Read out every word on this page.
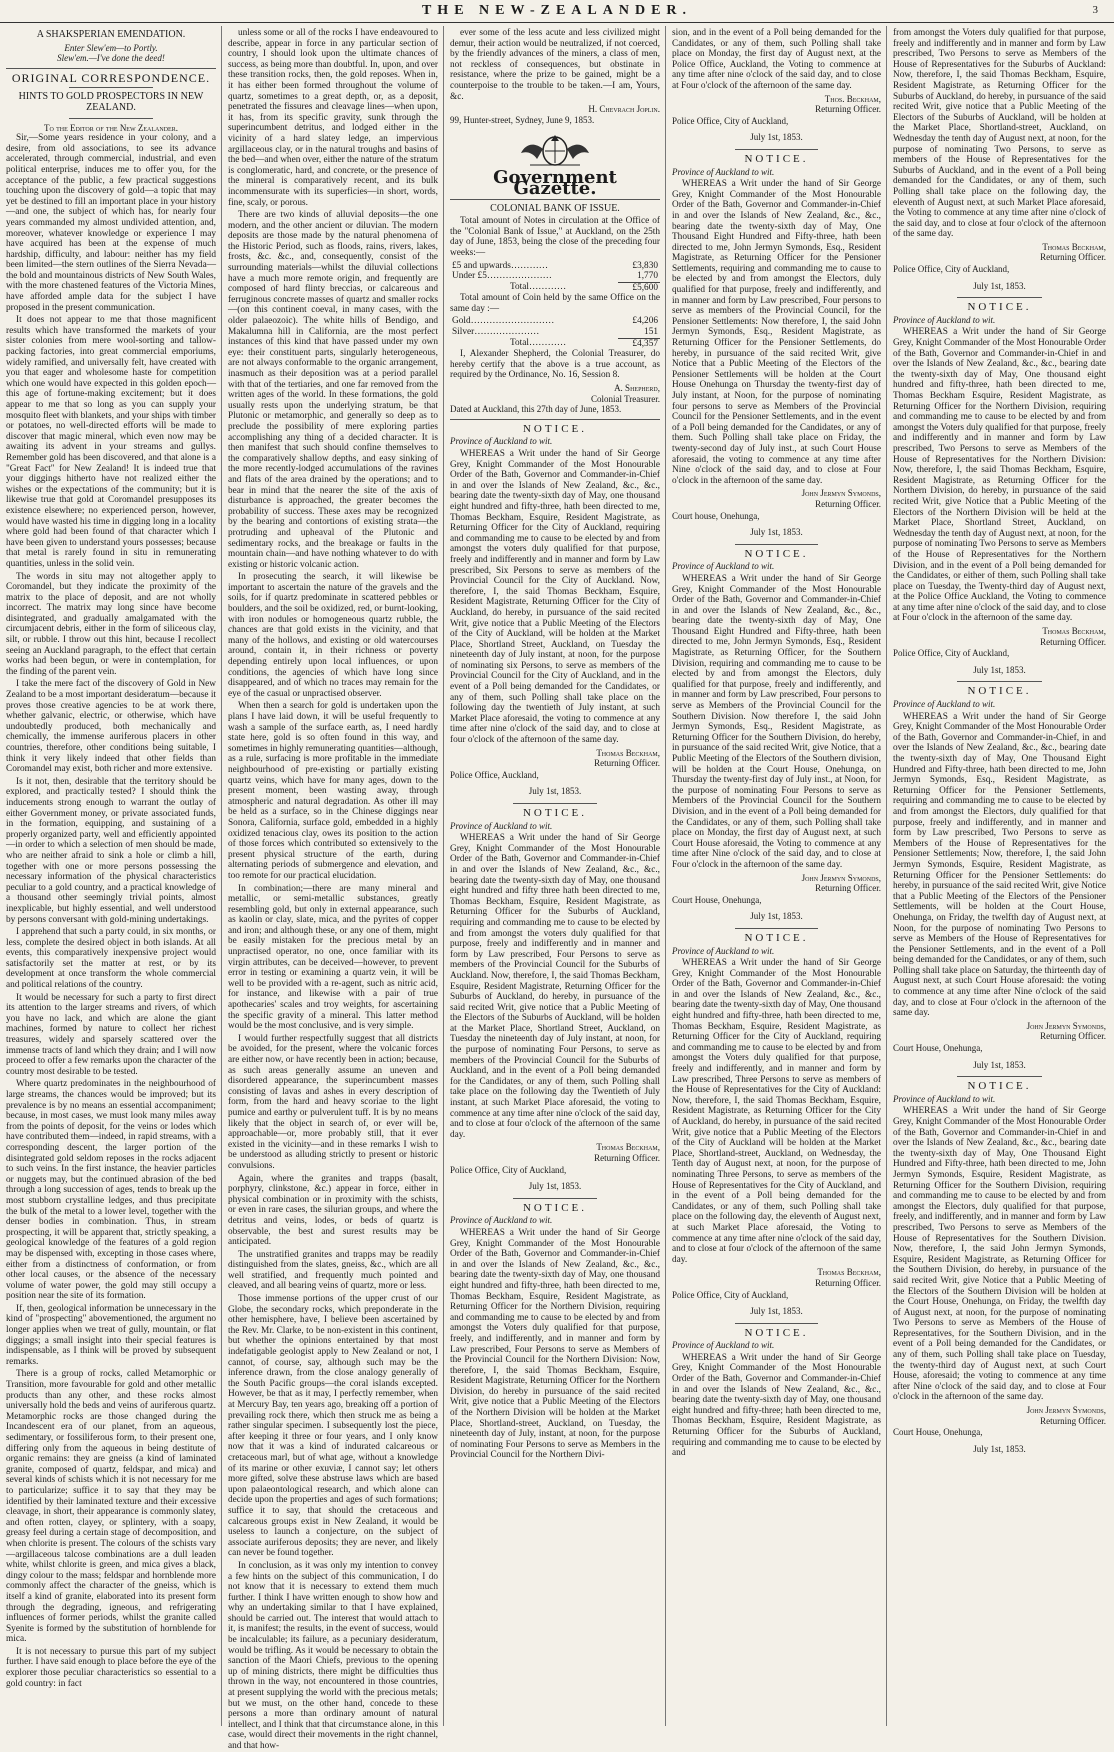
THE NEW-ZEALANDER.	3
A SHAKSPERIAN EMENDATION.
Enter Slew'em—to Portly.
Slew'em.—I've done the deed!
ORIGINAL CORRESPONDENCE.
HINTS TO GOLD PROSPECTORS IN NEW ZEALAND.
To the Editor of the New Zealander.

Sir,—Some years residence in your colony, and a desire, from old associations, to see its advance accelerated, through commercial, industrial, and even political enterprise, induces me to offer you, for the acceptance of the public, a few practical suggestions touching upon the discovery of gold—a topic that may yet be destined to fill an important place in your history—and one, the subject of which has, for nearly four years commanded my almost undivided attention, and, moreover, whatever knowledge or experience I may have acquired has been at the expense of much hardship, difficulty, and labour: neither has my field been limited—the stern outlines of the Sierra Nevada—the bold and mountainous districts of New South Wales, with the more chastened features of the Victoria Mines, have afforded ample data for the subject I have proposed in the present communication.

It does not appear to me that those magnificent results which have transformed the markets of your sister colonies from mere wool-sorting and tallow-packing factories, into great commercial emporiums, widely ramified, and universally felt, have created with you that eager and wholesome haste for competition which one would have expected in this golden epoch—this age of fortune-making excitement; but it does appear to me that so long as you can supply your mosquito fleet with blankets, and your ships with timber or potatoes, no well-directed efforts will be made to discover that magic mineral, which even now may be awaiting its advent in your streams and gullys. Remember gold has been discovered, and that alone is a "Great Fact" for New Zealand! It is indeed true that your diggings hitherto have not realized either the wishes or the expectations of the community; but it is likewise true that gold at Coromandel presupposes its existence elsewhere; no experienced person, however, would have wasted his time in digging long in a locality where gold had been found of that character which I have been given to understand yours possesses; because that metal is rarely found in situ in remunerating quantities, unless in the solid vein.

The words in situ may not altogether apply to Coromandel, but they indicate the proximity of the matrix to the place of deposit, and are not wholly incorrect. The matrix may long since have become disintegrated, and gradually amalgamated with the circumjacent debris, either in the form of siliceous clay, silt, or rubble. I throw out this hint, because I recollect seeing an Auckland paragraph, to the effect that certain works had been begun, or were in contemplation, for the finding of the parent vein.

I take the mere fact of the discovery of Gold in New Zealand to be a most important desideratum—because it proves those creative agencies to be at work there, whether galvanic, electric, or otherwise, which have undoubtedly produced, both mechanically and chemically, the immense auriferous placers in other countries, therefore, other conditions being suitable, I think it very likely indeed that other fields than Coromandel may exist, both richer and more extensive.

Is it not, then, desirable that the territory should be explored, and practically tested? I should think the inducements strong enough to warrant the outlay of either Government money, or private associated funds, in the formation, equipping, and sustaining of a properly organized party, well and efficiently appointed—in order to which a selection of men should be made, who are neither afraid to sink a hole or climb a hill, together with one or more persons possessing the necessary information of the physical characteristics peculiar to a gold country, and a practical knowledge of a thousand other seemingly trivial points, almost inexplicable, but highly essential, and well understood by persons conversant with gold-mining undertakings.

I apprehend that such a party could, in six months, or less, complete the desired object in both islands. At all events, this comparatively inexpensive project would satisfactorily set the matter at rest, or by its development at once transform the whole commercial and political relations of the country.

It would be necessary for such a party to first direct its attention to the larger streams and rivers, of which you have no lack, and which are alone the giant machines, formed by nature to collect her richest treasures, widely and sparsely scattered over the immense tracts of land which they drain; and I will now proceed to offer a few remarks upon the character of the country most desirable to be tested.

Where quartz predominates in the neighbourhood of large streams, the chances would be improved; but its prevalence is by no means an essential accompaniment; because, in most cases, we must look many miles away from the points of deposit, for the veins or lodes which have contributed them—indeed, in rapid streams, with a corresponding descent, the larger portion of the disintegrated gold seldom reposes in the rocks adjacent to such veins. In the first instance, the heavier particles or nuggets may, but the continued abrasion of the bed through a long succession of ages, tends to break up the most stubborn crystalline ledges, and thus precipitate the bulk of the metal to a lower level, together with the denser bodies in combination. Thus, in stream prospecting, it will be apparent that, strictly speaking, a geological knowledge of the features of a gold region may be dispensed with, excepting in those cases where, either from a distinctness of conformation, or from other local causes, or the absence of the necessary volume of water power, the gold may still occupy a position near the site of its formation.

If, then, geological information be unnecessary in the kind of "prospecting" abovementioned, the argument no longer applies when we treat of gully, mountain, or flat diggings; a small insight into their special features is indispensable, as I think will be proved by subsequent remarks.

There is a group of rocks, called Metamorphic or Transition, more favourable for gold and other metallic products than any other, and these rocks almost universally hold the beds and veins of auriferous quartz. Metamorphic rocks are those changed during the Incandescent era of our planet, from an aqueous, sedimentary, or fossiliferous form, to their present one, differing only from the aqueous in being destitute of organic remains: they are gneiss (a kind of laminated granite, composed of quartz, feldspar, and mica) and several kinds of schists which it is not necessary for me to particularize; suffice it to say that they may be identified by their laminated texture and their excessive cleavage, in short, their appearance is commonly slatey, and often rotten, clayey, or splintery, with a soapy, greasy feel during a certain stage of decomposition, and when chlorite is present. The colours of the schists vary—argillaceous talcose combinations are a dull leaden white, whilst chlorite is green, and mica gives a black, dingy colour to the mass; feldspar and hornblende more commonly affect the character of the gneiss, which is itself a kind of granite, elaborated into its present form through the degrading, igneous, and refrigerating influences of former periods, whilst the granite called Syenite is formed by the substitution of hornblende for mica.

It is not necessary to pursue this part of my subject further. I have said enough to place before the eye of the explorer those peculiar characteristics so essential to a gold country: in fact

unless some or all of the rocks I have endeavoured to describe, appear in force in any particular section of country, I should look upon the ultimate chances of success, as being more than doubtful. In, upon, and over these transition rocks, then, the gold reposes. When in, it has either been formed throughout the volume of quartz, sometimes to a great depth, or, as a deposit, penetrated the fissures and cleavage lines—when upon, it has, from its specific gravity, sunk through the superincumbent detritus, and lodged either in the vicinity of a hard slatey ledge, an impervious argillaceous clay, or in the natural troughs and basins of the bed—and when over, either the nature of the stratum is conglomeratic, hard, and concrete, or the presence of the mineral is comparatively recent, and its bulk incommensurate with its superficies—in short, words, fine, scaly, or porous.

There are two kinds of alluvial deposits—the one modern, and the other ancient or diluvian. The modern deposits are those made by the natural phenomena of the Historic Period, such as floods, rains, rivers, lakes, frosts, &c. &c., and, consequently, consist of the surrounding materials—whilst the diluvial collections have a much more remote origin, and frequently are composed of hard flinty breccias, or calcareous and ferruginous concrete masses of quartz and smaller rocks—(on this continent coeval, in many cases, with the older palaeozoic). The white hills of Bendigo, and Makalumna hill in California, are the most perfect instances of this kind that have passed under my own eye: their constituent parts, singularly heterogeneous, are not always conformable to the organic arrangement, inasmuch as their deposition was at a period parallel with that of the tertiaries, and one far removed from the written ages of the world. In these formations, the gold usually rests upon the underlying stratum, be that Plutonic or metamorphic, and generally so deep as to preclude the possibility of mere exploring parties accomplishing any thing of a decided character. It is then manifest that such should confine themselves to the comparatively shallow depths, and easy sinking of the more recently-lodged accumulations of the ravines and flats of the area drained by the operations; and to bear in mind that the nearer the site of the axis of disturbance is approached, the greater becomes the probability of success. These axes may be recognized by the bearing and contortions of existing strata—the protruding and upheaval of the Plutonic and sedimentary rocks, and the breakage or faults in the mountain chain—and have nothing whatever to do with existing or historic volcanic action.

In prosecuting the search, it will likewise be important to ascertain the nature of the gravels and the soils, for if quartz predominate in scattered pebbles or boulders, and the soil be oxidized, red, or burnt-looking, with iron nodules or homogeneous quartz rubble, the chances are that gold exists in the vicinity, and that many of the hollows, and existing or old watercourses around, contain it, in their richness or poverty depending entirely upon local influences, or upon conditions, the agencies of which have long since disappeared, and of which no traces may remain for the eye of the casual or unpractised observer.

When then a search for gold is undertaken upon the plans I have laid down, it will be useful frequently to wash a sample of the surface earth, as, I need hardly state here, gold is so often found in this way, and sometimes in highly remunerating quantities—although, as a rule, surfacing is more profitable in the immediate neighbourhood of pre-existing or partially existing quartz veins, which have for many ages, down to the present moment, been wasting away, through atmospheric and natural degradation. As other ill may be held as a surface, so in the Chinese diggings near Sonora, California, surface gold, embedded in a highly oxidized tenacious clay, owes its position to the action of those forces which contributed so extensively to the present physical structure of the earth, during alternating periods of submergence and elevation, and too remote for our practical elucidation.

In combination;—there are many mineral and metallic, or semi-metallic substances, greatly resembling gold, but only in external appearance, such as kaolin or clay, slate, mica, and the pyrites of copper and iron; and although these, or any one of them, might be easily mistaken for the precious metal by an unpractised operator, no one, once familiar with its virgin attributes, can be deceived—however, to prevent error in testing or examining a quartz vein, it will be well to be provided with a re-agent, such as nitric acid, for instance, and likewise with a pair of true apothecaries' scales and troy weights, for ascertaining the specific gravity of a mineral. This latter method would be the most conclusive, and is very simple.

I would further respectfully suggest that all districts be avoided, for the present, where the volcanic forces are either now, or have recently been in action; because, as such areas generally assume an uneven and disordered appearance, the superincumbent masses consisting of lavas and ashes in every description of form, from the hard and heavy scoriae to the light pumice and earthy or pulverulent tuff. It is by no means likely that the object in search of, or ever will be, approachable—or, more probably still, that it ever existed in the vicinity—and in these remarks I wish to be understood as alluding strictly to present or historic convulsions.

Again, where the granites and trapps (basalt, porphyry, clinkstone, &c.) appear in force, either in physical combination or in proximity with the schists, or even in rare cases, the silurian groups, and where the detritus and veins, lodes, or beds of quartz is observable, the best and surest results may be anticipated.

The unstratified granites and trapps may be readily distinguished from the slates, gneiss, &c., which are all well stratified, and frequently much pointed and cleaved, and all bearing veins of quartz, more or less.

Those immense portions of the upper crust of our Globe, the secondary rocks, which preponderate in the other hemisphere, have, I believe been ascertained by the Rev. Mr. Clarke, to be non-existent in this continent, but whether the opinions entertained by that most indefatigable geologist apply to New Zealand or not, I cannot, of course, say, although such may be the inference drawn, from the close analogy generally of the South Pacific groups—the coral islands excepted. However, be that as it may, I perfectly remember, when at Mercury Bay, ten years ago, breaking off a portion of prevailing rock there, which then struck me as being a rather singular specimen. I subsequently lost the piece, after keeping it three or four years, and I only know now that it was a kind of indurated calcareous or cretaceous marl, but of what age, without a knowledge of its marine or other exuviæ, I cannot say; let others more gifted, solve these abstruse laws which are based upon palaeontological research, and which alone can decide upon the properties and ages of such formations; suffice it to say, that should the cretaceous and calcareous groups exist in New Zealand, it would be useless to launch a conjecture, on the subject of associate auriferous deposits; they are never, and likely can never be found together.

In conclusion, as it was only my intention to convey a few hints on the subject of this communication, I do not know that it is necessary to extend them much further. I think I have written enough to show how and why an undertaking similar to that I have explained, should be carried out. The interest that would attach to it, is manifest; the results, in the event of success, would be incalculable; its failure, as a pecuniary desideratum, would be trifling. As it would be necessary to obtain the sanction of the Maori Chiefs, previous to the opening up of mining districts, there might be difficulties thus thrown in the way, not encountered in those countries, at present supplying the world with the precious metals; but we must, on the other hand, concede to these persons a more than ordinary amount of natural intellect, and I think that that circumstance alone, in this case, would direct their movements in the right channel, and that how-

ever some of the less acute and less civilized might demur, their action would be neutralized, if not coerced, by the friendly advances of the miners, a class of men, not reckless of consequences, but obstinate in resistance, where the prize to be gained, might be a counterpoise to the trouble to be taken.—I am, Yours, &c.

H. Chevrach Joplin.
99, Hunter-street, Sydney, June 9, 1853.
Government Gazette.
COLONIAL BANK OF ISSUE.

Total amount of Notes in circulation at the Office of the "Colonial Bank of Issue," at Auckland, on the 25th day of June, 1853, being the close of the preceding four weeks:—

£5 and upwards…………	£3,830
Under £5…………………	1,770
Total…………	£5,600

Total amount of Coin held by the same Office on the same day :—

Gold………………………	£4,206
Silver…………………	151
Total…………	£4,357

I, Alexander Shepherd, the Colonial Treasurer, do hereby certify that the above is a true account, as required by the Ordinance, No. 16, Session 8.

A. Shepherd,
Colonial Treasurer.
Dated at Auckland, this 27th day of June, 1853.
NOTICE.
Province of Auckland to wit.

WHEREAS a Writ under the hand of Sir George Grey, Knight Commander of the Most Honourable Order of the Bath, Governor and Commander-in-Chief in and over the Islands of New Zealand, &c., &c., bearing date the twenty-sixth day of May, one thousand eight hundred and fifty-three, hath been directed to me, Thomas Beckham, Esquire, Resident Magistrate, as Returning Officer for the City of Auckland, requiring and commanding me to cause to be elected by and from amongst the voters duly qualified for that purpose, freely and indifferently and in manner and form by Law prescribed, Six Persons to serve as members of the Provincial Council for the City of Auckland. Now, therefore, I, the said Thomas Beckham, Esquire, Resident Magistrate, Returning Officer for the City of Auckland, do hereby, in pursuance of the said recited Writ, give notice that a Public Meeting of the Electors of the City of Auckland, will be holden at the Market Place, Shortland Street, Auckland, on Tuesday the nineteenth day of July instant, at noon, for the purpose of nominating six Persons, to serve as members of the Provincial Council for the City of Auckland, and in the event of a Poll being demanded for the Candidates, or any of them, such Polling shall take place on the following day the twentieth of July instant, at such Market Place aforesaid, the voting to commence at any time after nine o'clock of the said day, and to close at four o'clock of the afternoon of the same day.

Thomas Beckham,
Returning Officer.
Police Office, Auckland,
July 1st, 1853.
NOTICE.
Province of Auckland to wit.

WHEREAS a Writ under the hand of Sir George Grey, Knight Commander of the Most Honourable Order of the Bath, Governor and Commander-in-Chief in and over the Islands of New Zealand, &c., &c., bearing date the twenty-sixth day of May, one thousand eight hundred and fifty three hath been directed to me, Thomas Beckham, Esquire, Resident Magistrate, as Returning Officer for the Suburbs of Auckland, requiring and commanding me to cause to be elected by and from amongst the voters duly qualified for that purpose, freely and indifferently and in manner and form by Law prescribed, Four Persons to serve as members of the Provincial Council for the Suburbs of Auckland. Now, therefore, I, the said Thomas Beckham, Esquire, Resident Magistrate, Returning Officer for the Suburbs of Auckland, do hereby, in pursuance of the said recited Writ, give notice that a Public Meeting of the Electors of the Suburbs of Auckland, will be holden at the Market Place, Shortland Street, Auckland, on Tuesday the nineteenth day of July instant, at noon, for the purpose of nominating Four Persons, to serve as members of the Provincial Council for the Suburbs of Auckland, and in the event of a Poll being demanded for the Candidates, or any of them, such Polling shall take place on the following day the Twentieth of July instant, at such Market Place aforesaid, the voting to commence at any time after nine o'clock of the said day, and to close at four o'clock of the afternoon of the same day.

Thomas Beckham,
Returning Officer.
Police Office, City of Auckland,
July 1st, 1853.
NOTICE.
Province of Auckland to wit.

WHEREAS a Writ under the hand of Sir George Grey, Knight Commander of the Most Honourable Order of the Bath, Governor and Commander-in-Chief in and over the Islands of New Zealand, &c., &c., bearing date the twenty-sixth day of May, one thousand eight hundred and fifty-three, hath been directed to me, Thomas Beckham, Esquire, Resident Magistrate, as Returning Officer for the Northern Division, requiring and commanding me to cause to be elected by and from amongst the Voters duly qualified for that purpose, freely, and indifferently, and in manner and form by Law prescribed, Four Persons to serve as Members of the Provincial Council for the Northern Division: Now, therefore, I, the said Thomas Beckham, Esquire, Resident Magistrate, Returning Officer for the Northern Division, do hereby in pursuance of the said recited Writ, give notice that a Public Meeting of the Electors of the Northern Division will be holden at the Market Place, Shortland-street, Auckland, on Tuesday, the nineteenth day of July, instant, at noon, for the purpose of nominating Four Persons to serve as Members in the Provincial Council for the Northern Divi-

sion, and in the event of a Poll being demanded for the Candidates, or any of them, such Polling shall take place on Monday, the first day of August next, at the Police Office, Auckland, the Voting to commence at any time after nine o'clock of the said day, and to close at Four o'clock of the afternoon of the same day.

Thos. Beckham,
Returning Officer.
Police Office, City of Auckland,
July 1st, 1853.
NOTICE.
Province of Auckland to wit.

WHEREAS a Writ under the hand of Sir George Grey, Knight Commander of the Most Honourable Order of the Bath, Governor and Commander-in-Chief in and over the Islands of New Zealand, &c., &c., bearing date the twenty-sixth day of May, One Thousand Eight Hundred and Fifty-three, hath been directed to me, John Jermyn Symonds, Esq., Resident Magistrate, as Returning Officer for the Pensioner Settlements, requiring and commanding me to cause to be elected by and from amongst the Electors, duly qualified for that purpose, freely and indifferently, and in manner and form by Law prescribed, Four persons to serve as members of the Provincial Council, for the Pensioner Settlements: Now therefore, I, the said John Jermyn Symonds, Esq., Resident Magistrate, as Returning Officer for the Pensioner Settlements, do hereby, in pursuance of the said recited Writ, give Notice that a Public Meeting of the Electors of the Pensioner Settlements will be holden at the Court House Onehunga on Thursday the twenty-first day of July instant, at Noon, for the purpose of nominating four persons to serve as Members of the Provincial Council for the Pensioner Settlements, and in the event of a Poll being demanded for the Candidates, or any of them. Such Polling shall take place on Friday, the twenty-second day of July inst., at such Court House aforesaid, the voting to commence at any time after Nine o'clock of the said day, and to close at Four o'clock in the afternoon of the same day.

John Jermyn Symonds,
Returning Officer.
Court house, Onehunga,
July 1st, 1853.
NOTICE.
Province of Auckland to wit.

WHEREAS a Writ under the hand of Sir George Grey, Knight Commander of the Most Honourable Order of the Bath, Governor and Commander-in-Chief in and over the Islands of New Zealand, &c., &c., bearing date the twenty-sixth day of May, One Thousand Eight Hundred and Fifty-three, hath been directed to me, John Jermyn Symonds, Esq., Resident Magistrate, as Returning Officer, for the Southern Division, requiring and commanding me to cause to be elected by and from amongst the Electors, duly qualified for that purpose, freely and indifferently, and in manner and form by Law prescribed, Four persons to serve as Members of the Provincial Council for the Southern Division. Now therefore I, the said John Jermyn Symonds, Esq., Resident Magistrate, as Returning Officer for the Southern Division, do hereby, in pursuance of the said recited Writ, give Notice, that a Public Meeting of the Electors of the Southern division, will be holden at the Court House, Onehunga, on Thursday the twenty-first day of July inst., at Noon, for the purpose of nominating Four Persons to serve as Members of the Provincial Council for the Southern Division, and in the event of a Poll being demanded for the Candidates, or any of them, such Polling shall take place on Monday, the first day of August next, at such Court House aforesaid, the Voting to commence at any time after Nine o'clock of the said day, and to close at Four o'clock in the afternoon of the same day.

John Jermyn Symonds,
Returning Officer.
Court House, Onehunga,
July 1st, 1853.
NOTICE.
Province of Auckland to wit.

WHEREAS a Writ under the hand of Sir George Grey, Knight Commander of the Most Honourable Order of the Bath, Governor and Commander-in-Chief in and over the Islands of New Zealand, &c., &c., bearing date the twenty-sixth day of May, One thousand eight hundred and fifty-three, hath been directed to me, Thomas Beckham, Esquire, Resident Magistrate, as Returning Officer for the City of Auckland, requiring and commanding me to cause to be elected by and from amongst the Voters duly qualified for that purpose, freely and indifferently, and in manner and form by Law prescribed, Three Persons to serve as members of the House of Representatives for the City of Auckland: Now, therefore, I, the said Thomas Beckham, Esquire, Resident Magistrate, as Returning Officer for the City of Auckland, do hereby, in pursuance of the said recited Writ, give notice that a Public Meeting of the Electors of the City of Auckland will be holden at the Market Place, Shortland-street, Auckland, on Wednesday, the Tenth day of August next, at noon, for the purpose of nominating Three Persons, to serve as members of the House of Representatives for the City of Auckland, and in the event of a Poll being demanded for the Candidates, or any of them, such Polling shall take place on the following day, the eleventh of August next, at such Market Place aforesaid, the Voting to commence at any time after nine o'clock of the said day, and to close at four o'clock of the afternoon of the same day.

Thomas Beckham,
Returning Officer.
Police Office, City of Auckland,
July 1st, 1853.
NOTICE.
Province of Auckland to wit.

WHEREAS a Writ under the hand of Sir George Grey, Knight Commander of the Most Honourable Order of the Bath, Governor and Commander-in-Chief in and over the Islands of New Zealand, &c., &c., bearing date the twenty-sixth day of May, one thousand eight hundred and fifty-three; hath been directed to me, Thomas Beckham, Esquire, Resident Magistrate, as Returning Officer for the Suburbs of Auckland, requiring and commanding me to cause to be elected by and

from amongst the Voters duly qualified for that purpose, freely and indifferently and in manner and form by Law prescribed, Two Persons to serve as Members of the House of Representatives for the Suburbs of Auckland: Now, therefore, I, the said Thomas Beckham, Esquire, Resident Magistrate, as Returning Officer for the Suburbs of Auckland, do hereby, in pursuance of the said recited Writ, give notice that a Public Meeting of the Electors of the Suburbs of Auckland, will be holden at the Market Place, Shortland-street, Auckland, on Wednesday the tenth day of August next, at noon, for the purpose of nominating Two Persons, to serve as members of the House of Representatives for the Suburbs of Auckland, and in the event of a Poll being demanded for the Candidates, or any of them, such Polling shall take place on the following day, the eleventh of August next, at such Market Place aforesaid, the Voting to commence at any time after nine o'clock of the said day, and to close at four o'clock of the afternoon of the same day.

Thomas Beckham,
Returning Officer.
Police Office, City of Auckland,
July 1st, 1853.
NOTICE.
Province of Auckland to wit.

WHEREAS a Writ under the hand of Sir George Grey, Knight Commander of the Most Honourable Order of the Bath, Governor and Commander-in-Chief in and over the Islands of New Zealand, &c., &c., bearing date the twenty-sixth day of May, One thousand eight hundred and fifty-three, hath been directed to me, Thomas Beckham Esquire, Resident Magistrate, as Returning Officer for the Northern Division, requiring and commanding me to cause to be elected by and from amongst the Voters duly qualified for that purpose, freely and indifferently and in manner and form by Law prescribed, Two Persons to serve as Members of the House of Representatives for the Northern Division: Now, therefore, I, the said Thomas Beckham, Esquire, Resident Magistrate, as Returning Officer for the Northern Division, do hereby, in pursuance of the said recited Writ, give Notice that a Public Meeting of the Electors of the Northern Division will be held at the Market Place, Shortland Street, Auckland, on Wednesday the tenth day of August next, at noon, for the purpose of nominating Two Persons to serve as Members of the House of Representatives for the Northern Division, and in the event of a Poll being demanded for the Candidates, or either of them, such Polling shall take place on Tuesday, the Twenty-third day of August next, at the Police Office Auckland, the Voting to commence at any time after nine o'clock of the said day, and to close at Four o'clock in the afternoon of the same day.

Thomas Beckham,
Returning Officer.
Police Office, City of Auckland,
July 1st, 1853.
NOTICE.
Province of Auckland to wit.

WHEREAS a Writ under the hand of Sir George Grey, Knight Commander of the Most Honourable Order of the Bath, Governor and Commander-in-Chief, in and over the Islands of New Zealand, &c., &c., bearing date the twenty-sixth day of May, One Thousand Eight Hundred and Fifty-three, hath been directed to me, John Jermyn Symonds, Esq., Resident Magistrate, as Returning Officer for the Pensioner Settlements, requiring and commanding me to cause to be elected by and from amongst the Electors, duly qualified for that purpose, freely and indifferently, and in manner and form by Law prescribed, Two Persons to serve as Members of the House of Representatives for the Pensioner Settlements; Now, therefore, I, the said John Jermyn Symonds, Esquire, Resident Magistrate, as Returning Officer for the Pensioner Settlements: do hereby, in pursuance of the said recited Writ, give Notice that a Public Meeting of the Electors of the Pensioner Settlements, will be holden at the Court House, Onehunga, on Friday, the twelfth day of August next, at Noon, for the purpose of nominating Two Persons to serve as Members of the House of Representatives for the Pensioner Settlements, and in the event of a Poll being demanded for the Candidates, or any of them, such Polling shall take place on Saturday, the thirteenth day of August next, at such Court House aforesaid: the voting to commence at any time after Nine o'clock of the said day, and to close at Four o'clock in the afternoon of the same day.

John Jermyn Symonds,
Returning Officer.
Court House, Onehunga,
July 1st, 1853.
NOTICE.
Province of Auckland to wit.

WHEREAS a Writ under the hand of Sir George Grey, Knight Commander of the Most Honourable Order of the Bath, Governor and Commander-in-Chief in and over the Islands of New Zealand, &c., &c., bearing date the twenty-sixth day of May, One Thousand Eight Hundred and Fifty-three, hath been directed to me, John Jermyn Symonds, Esquire, Resident Magistrate, as Returning Officer for the Southern Division, requiring and commanding me to cause to be elected by and from amongst the Electors, duly qualified for that purpose, freely, and indifferently, and in manner and form by Law prescribed, Two Persons to serve as Members of the House of Representatives for the Southern Division. Now, therefore, I, the said John Jermyn Symonds, Esquire, Resident Magistrate, as Returning Officer for the Southern Division, do hereby, in pursuance of the said recited Writ, give Notice that a Public Meeting of the Electors of the Southern Division will be holden at the Court House, Onehunga, on Friday, the twelfth day of August next, at noon, for the purpose of nominating Two Persons to serve as Members of the House of Representatives, for the Southern Division, and in the event of a Poll being demanded for the Candidates, or any of them, such Polling shall take place on Tuesday, the twenty-third day of August next, at such Court House, aforesaid; the voting to commence at any time after Nine o'clock of the said day, and to close at Four o'clock in the afternoon of the same day.

John Jermyn Symonds,
Returning Officer.
Court House, Onehunga,
July 1st, 1853.
